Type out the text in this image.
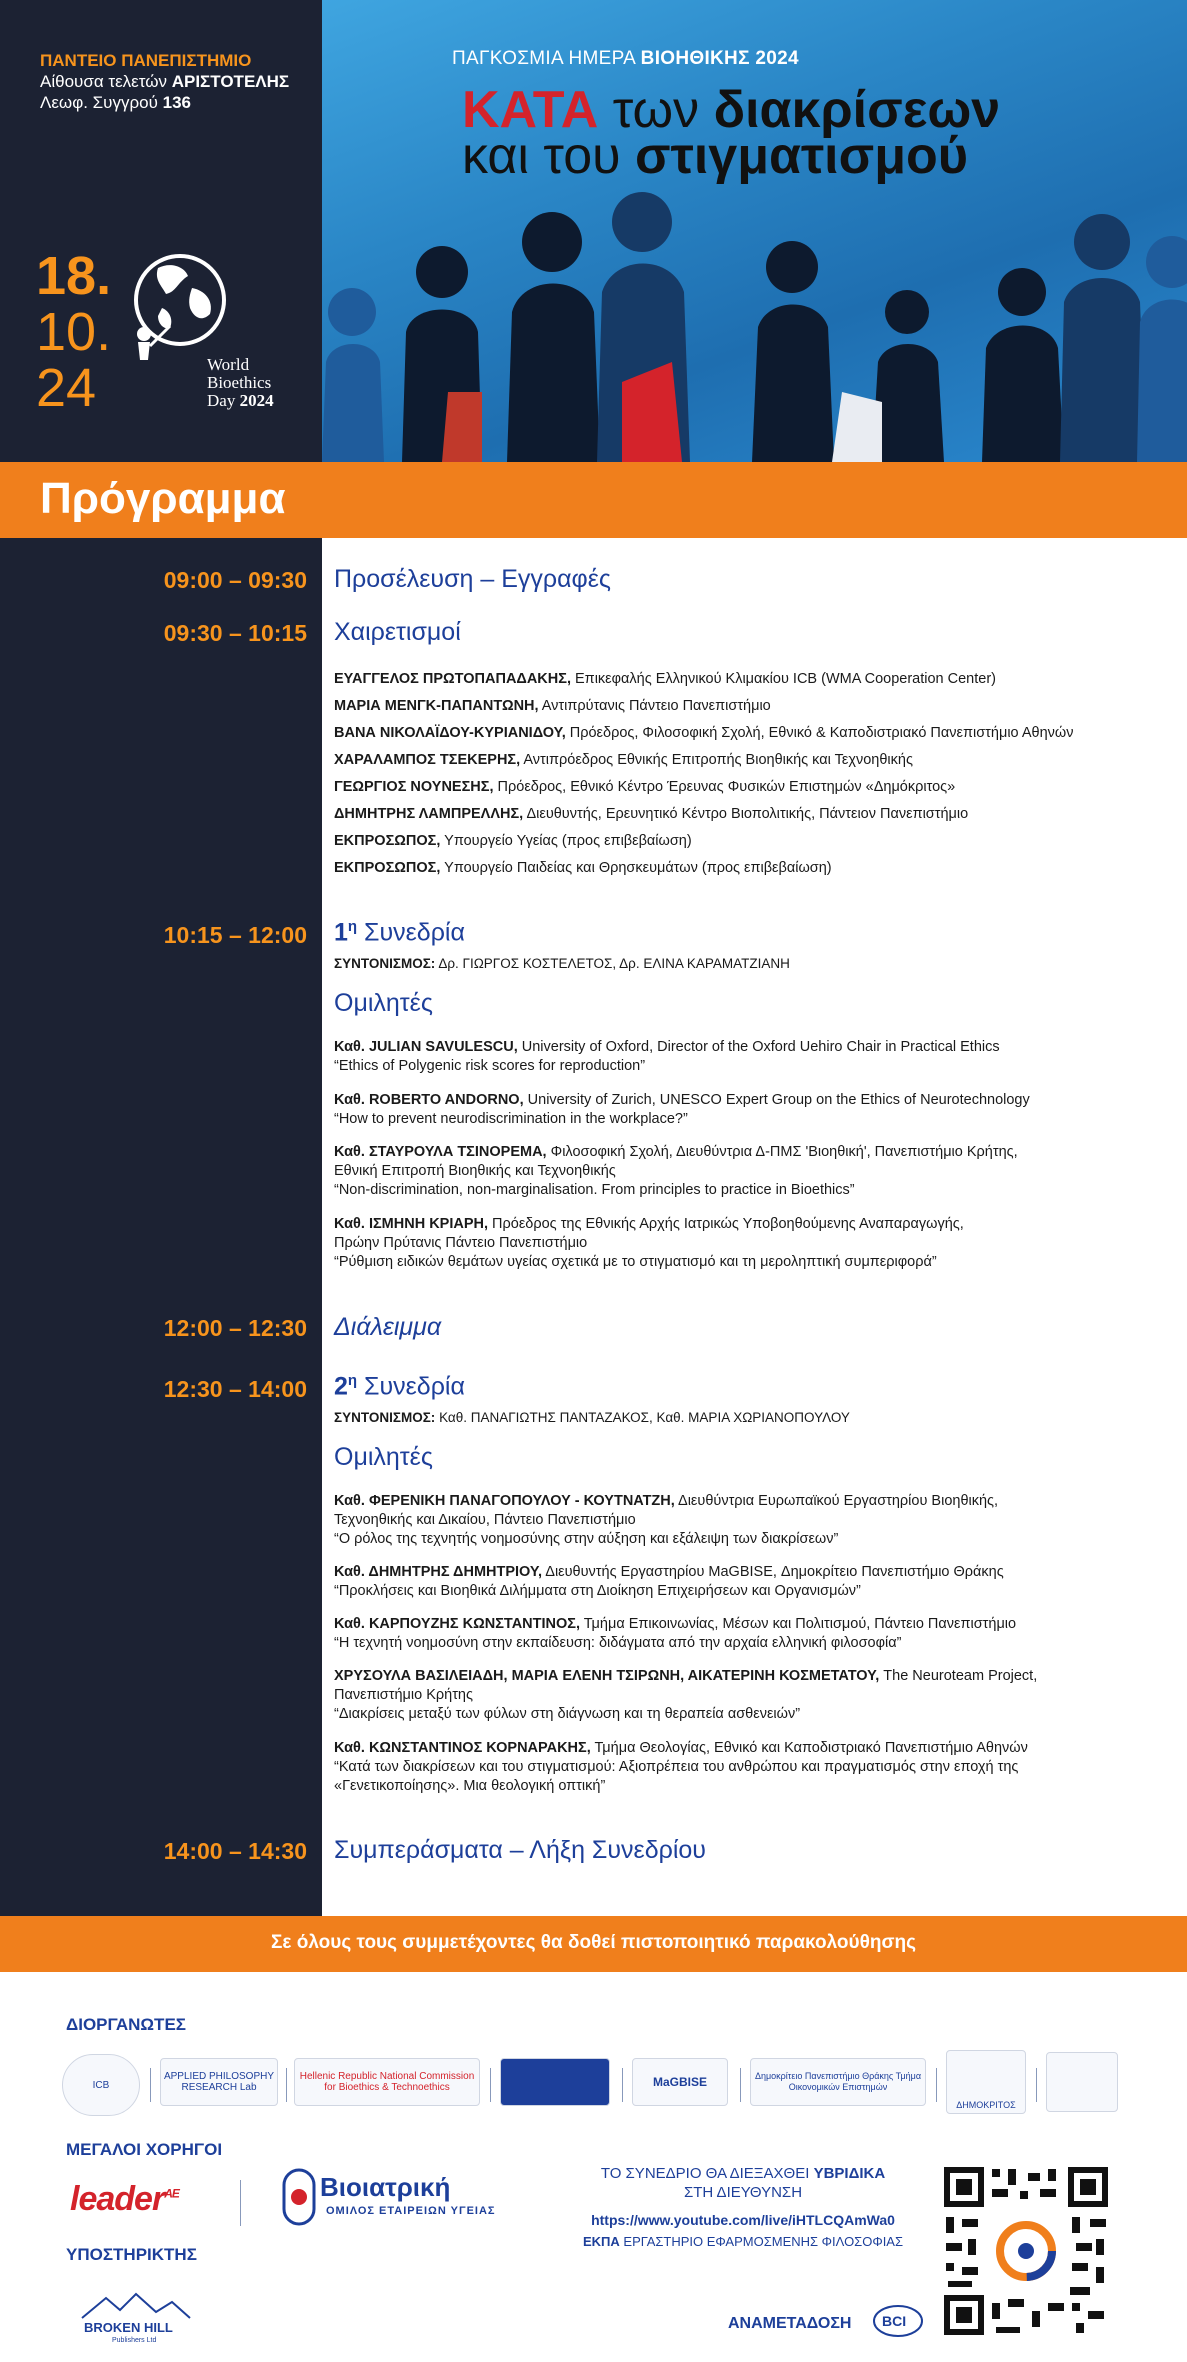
ΠΑΝΤΕΙΟ ΠΑΝΕΠΙΣΤΗΜΙΟ
Αίθουσα τελετών ΑΡΙΣΤΟΤΕΛΗΣ
Λεωφ. Συγγρού 136
18.
10.
24	World
Bioethics
Day 2024
ΠΑΓΚΟΣΜΙΑ ΗΜΕΡΑ ΒΙΟΗΘΙΚΗΣ 2024
ΚΑΤΑ των διακρίσεων
και του στιγματισμού
Πρόγραμμα
09:00 – 09:30 Προσέλευση – Εγγραφές
09:30 – 10:15 Χαιρετισμοί
ΕΥΑΓΓΕΛΟΣ ΠΡΩΤΟΠΑΠΑΔΑΚΗΣ, Επικεφαλής Ελληνικού Κλιμακίου ICB (WMA Cooperation Center)
ΜΑΡΙΑ ΜΕΝΓΚ-ΠΑΠΑΝΤΩΝΗ, Αντιπρύτανις Πάντειο Πανεπιστήμιο
ΒΑΝΑ ΝΙΚΟΛΑΪΔΟΥ-ΚΥΡΙΑΝΙΔΟΥ, Πρόεδρος, Φιλοσοφική Σχολή, Εθνικό & Καποδιστριακό Πανεπιστήμιο Αθηνών
ΧΑΡΑΛΑΜΠΟΣ ΤΣΕΚΕΡΗΣ, Αντιπρόεδρος Εθνικής Επιτροπής Βιοηθικής και Τεχνοηθικής
ΓΕΩΡΓΙΟΣ ΝΟΥΝΕΣΗΣ, Πρόεδρος, Εθνικό Κέντρο Έρευνας Φυσικών Επιστημών «Δημόκριτος»
ΔΗΜΗΤΡΗΣ ΛΑΜΠΡΕΛΛΗΣ, Διευθυντής, Ερευνητικό Κέντρο Βιοπολιτικής, Πάντειον Πανεπιστήμιο
ΕΚΠΡΟΣΩΠΟΣ, Υπουργείο Υγείας (προς επιβεβαίωση)
ΕΚΠΡΟΣΩΠΟΣ, Υπουργείο Παιδείας και Θρησκευμάτων (προς επιβεβαίωση)
10:15 – 12:00 $1^\eta$ Συνεδρία
ΣΥΝΤΟΝΙΣΜΟΣ: Δρ. ΓΙΩΡΓΟΣ ΚΟΣΤΕΛΕΤΟΣ, Δρ. ΕΛΙΝΑ ΚΑΡΑΜΑΤΖΙΑΝΗ
Ομιλητές
Καθ. JULIAN SAVULESCU, University of Oxford, Director of the Oxford Uehiro Chair in Practical Ethics
“Ethics of Polygenic risk scores for reproduction”
Καθ. ROBERTO ANDORNO, University of Zurich, UNESCO Expert Group on the Ethics of Neurotechnology
“How to prevent neurodiscrimination in the workplace?”
Καθ. ΣΤΑΥΡΟΥΛΑ ΤΣΙΝΟΡΕΜΑ, Φιλοσοφική Σχολή, Διευθύντρια Δ-ΠΜΣ 'Βιοηθική', Πανεπιστήμιο Κρήτης,
Εθνική Επιτροπή Βιοηθικής και Τεχνοηθικής
“Non-discrimination, non-marginalisation. From principles to practice in Bioethics”
Καθ. ΙΣΜΗΝΗ ΚΡΙΑΡΗ, Πρόεδρος της Εθνικής Αρχής Ιατρικώς Υποβοηθούμενης Αναπαραγωγής,
Πρώην Πρύτανις Πάντειο Πανεπιστήμιο
“Ρύθμιση ειδικών θεμάτων υγείας σχετικά με το στιγματισμό και τη μεροληπτική συμπεριφορά”
12:00 – 12:30 Διάλειμμα
12:30 – 14:00 $2^\eta$ Συνεδρία
ΣΥΝΤΟΝΙΣΜΟΣ: Καθ. ΠΑΝΑΓΙΩΤΗΣ ΠΑΝΤΑΖΑΚΟΣ, Καθ. ΜΑΡΙΑ ΧΩΡΙΑΝΟΠΟΥΛΟΥ
Ομιλητές
Καθ. ΦΕΡΕΝΙΚΗ ΠΑΝΑΓΟΠΟΥΛΟΥ - ΚΟΥΤΝΑΤΖΗ, Διευθύντρια Ευρωπαϊκού Εργαστηρίου Βιοηθικής,
Τεχνοηθικής και Δικαίου, Πάντειο Πανεπιστήμιο
“Ο ρόλος της τεχνητής νοημοσύνης στην αύξηση και εξάλειψη των διακρίσεων”
Καθ. ΔΗΜΗΤΡΗΣ ΔΗΜΗΤΡΙΟΥ, Διευθυντής Εργαστηρίου MaGBISE, Δημοκρίτειο Πανεπιστήμιο Θράκης
“Προκλήσεις και Βιοηθικά Διλήμματα στη Διοίκηση Επιχειρήσεων και Οργανισμών”
Καθ. ΚΑΡΠΟΥΖΗΣ ΚΩΝΣΤΑΝΤΙΝΟΣ, Τμήμα Επικοινωνίας, Μέσων και Πολιτισμού, Πάντειο Πανεπιστήμιο
“Η τεχνητή νοημοσύνη στην εκπαίδευση: διδάγματα από την αρχαία ελληνική φιλοσοφία”
ΧΡΥΣΟΥΛΑ ΒΑΣΙΛΕΙΑΔΗ, ΜΑΡΙΑ ΕΛΕΝΗ ΤΣΙΡΩΝΗ, ΑΙΚΑΤΕΡΙΝΗ ΚΟΣΜΕΤΑΤΟΥ, The Neuroteam Project,
Πανεπιστήμιο Κρήτης
“Διακρίσεις μεταξύ των φύλων στη διάγνωση και τη θεραπεία ασθενειών”
Καθ. ΚΩΝΣΤΑΝΤΙΝΟΣ ΚΟΡΝΑΡΑΚΗΣ, Τμήμα Θεολογίας, Εθνικό και Καποδιστριακό Πανεπιστήμιο Αθηνών
“Κατά των διακρίσεων και του στιγματισμού: Αξιοπρέπεια του ανθρώπου και πραγματισμός στην εποχή της
«Γενετικοποίησης». Μια θεολογική οπτική”
14:00 – 14:30 Συμπεράσματα – Λήξη Συνεδρίου
Σε όλους τους συμμετέχοντες θα δοθεί πιστοποιητικό παρακολούθησης
ΔΙΟΡΓΑΝΩΤΕΣ
ICB
APPLIED PHILOSOPHY RESEARCH Lab
Hellenic Republic National Commission for Bioethics & Technoethics	MaGBISE	Δημοκρίτειο Πανεπιστήμιο Θράκης Τμήμα Οικονομικών Επιστημών
ΔΗΜΟΚΡΙΤΟΣ
ΜΕΓΑΛΟΙ ΧΟΡΗΓΟΙ
leader$^{AE}$	Βιοιατρική
ΟΜΙΛΟΣ ΕΤΑΙΡΕΙΩΝ ΥΓΕΙΑΣ
ΥΠΟΣΤΗΡΙΚΤΗΣ
BROKEN HILL
Publishers Ltd
ΤΟ ΣΥΝΕΔΡΙΟ ΘΑ ΔΙΕΞΑΧΘΕΙ ΥΒΡΙΔΙΚΑ
ΣΤΗ ΔΙΕΥΘΥΝΣΗ
https://www.youtube.com/live/iHTLCQAmWa0
ΕΚΠΑ ΕΡΓΑΣΤΗΡΙΟ ΕΦΑΡΜΟΣΜΕΝΗΣ ΦΙΛΟΣΟΦΙΑΣ
ΑΝΑΜΕΤΑΔΟΣΗ BCI
